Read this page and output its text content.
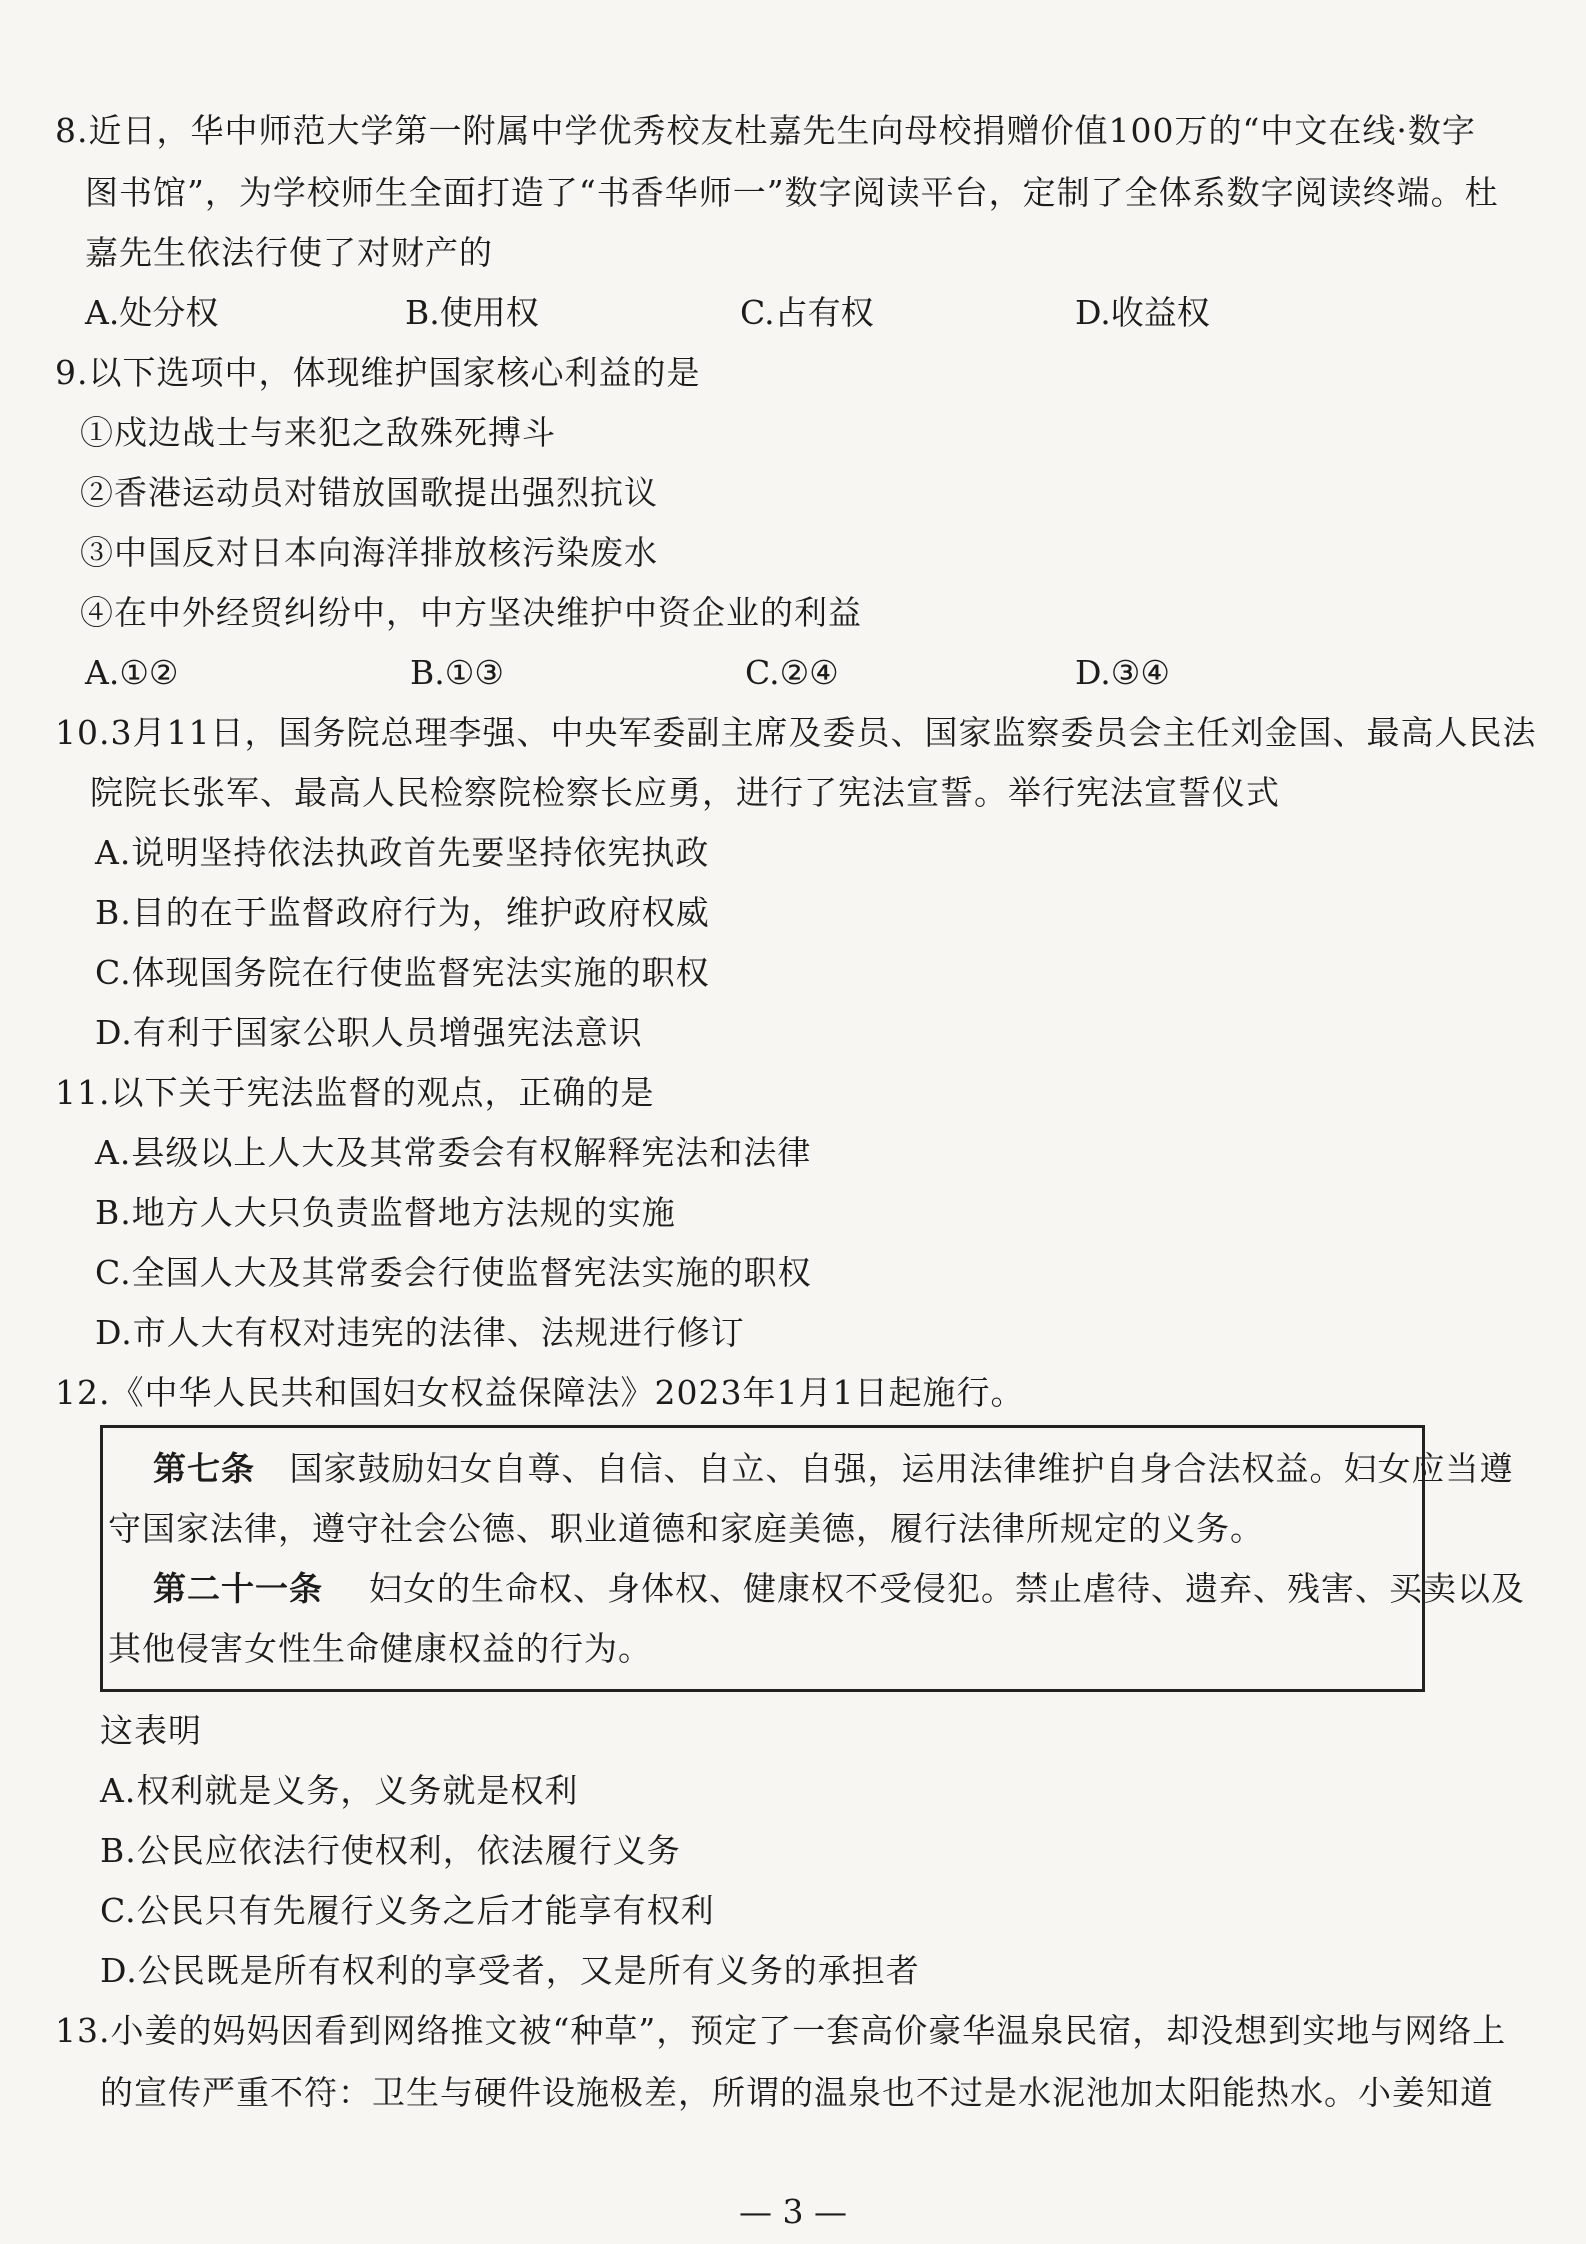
8.近日，华中师范大学第一附属中学优秀校友杜嘉先生向母校捐赠价值100万的“中文在线·数字
图书馆”，为学校师生全面打造了“书香华师一”数字阅读平台，定制了全体系数字阅读终端。杜
嘉先生依法行使了对财产的
A.处分权	B.使用权	C.占有权	D.收益权
9.以下选项中，体现维护国家核心利益的是
①戍边战士与来犯之敌殊死搏斗
②香港运动员对错放国歌提出强烈抗议
③中国反对日本向海洋排放核污染废水
④在中外经贸纠纷中，中方坚决维护中资企业的利益
A.①②	B.①③	C.②④	D.③④
10.3月11日，国务院总理李强、中央军委副主席及委员、国家监察委员会主任刘金国、最高人民法
院院长张军、最高人民检察院检察长应勇，进行了宪法宣誓。举行宪法宣誓仪式
A.说明坚持依法执政首先要坚持依宪执政
B.目的在于监督政府行为，维护政府权威
C.体现国务院在行使监督宪法实施的职权
D.有利于国家公职人员增强宪法意识
11.以下关于宪法监督的观点，正确的是
A.县级以上人大及其常委会有权解释宪法和法律
B.地方人大只负责监督地方法规的实施
C.全国人大及其常委会行使监督宪法实施的职权
D.市人大有权对违宪的法律、法规进行修订
12.《中华人民共和国妇女权益保障法》2023年1月1日起施行。
第七条 国家鼓励妇女自尊、自信、自立、自强，运用法律维护自身合法权益。妇女应当遵
守国家法律，遵守社会公德、职业道德和家庭美德，履行法律所规定的义务。
第二十一条 妇女的生命权、身体权、健康权不受侵犯。禁止虐待、遗弃、残害、买卖以及
其他侵害女性生命健康权益的行为。
这表明
A.权利就是义务，义务就是权利
B.公民应依法行使权利，依法履行义务
C.公民只有先履行义务之后才能享有权利
D.公民既是所有权利的享受者，又是所有义务的承担者
13.小姜的妈妈因看到网络推文被“种草”，预定了一套高价豪华温泉民宿，却没想到实地与网络上
的宣传严重不符：卫生与硬件设施极差，所谓的温泉也不过是水泥池加太阳能热水。小姜知道
— 3 —
